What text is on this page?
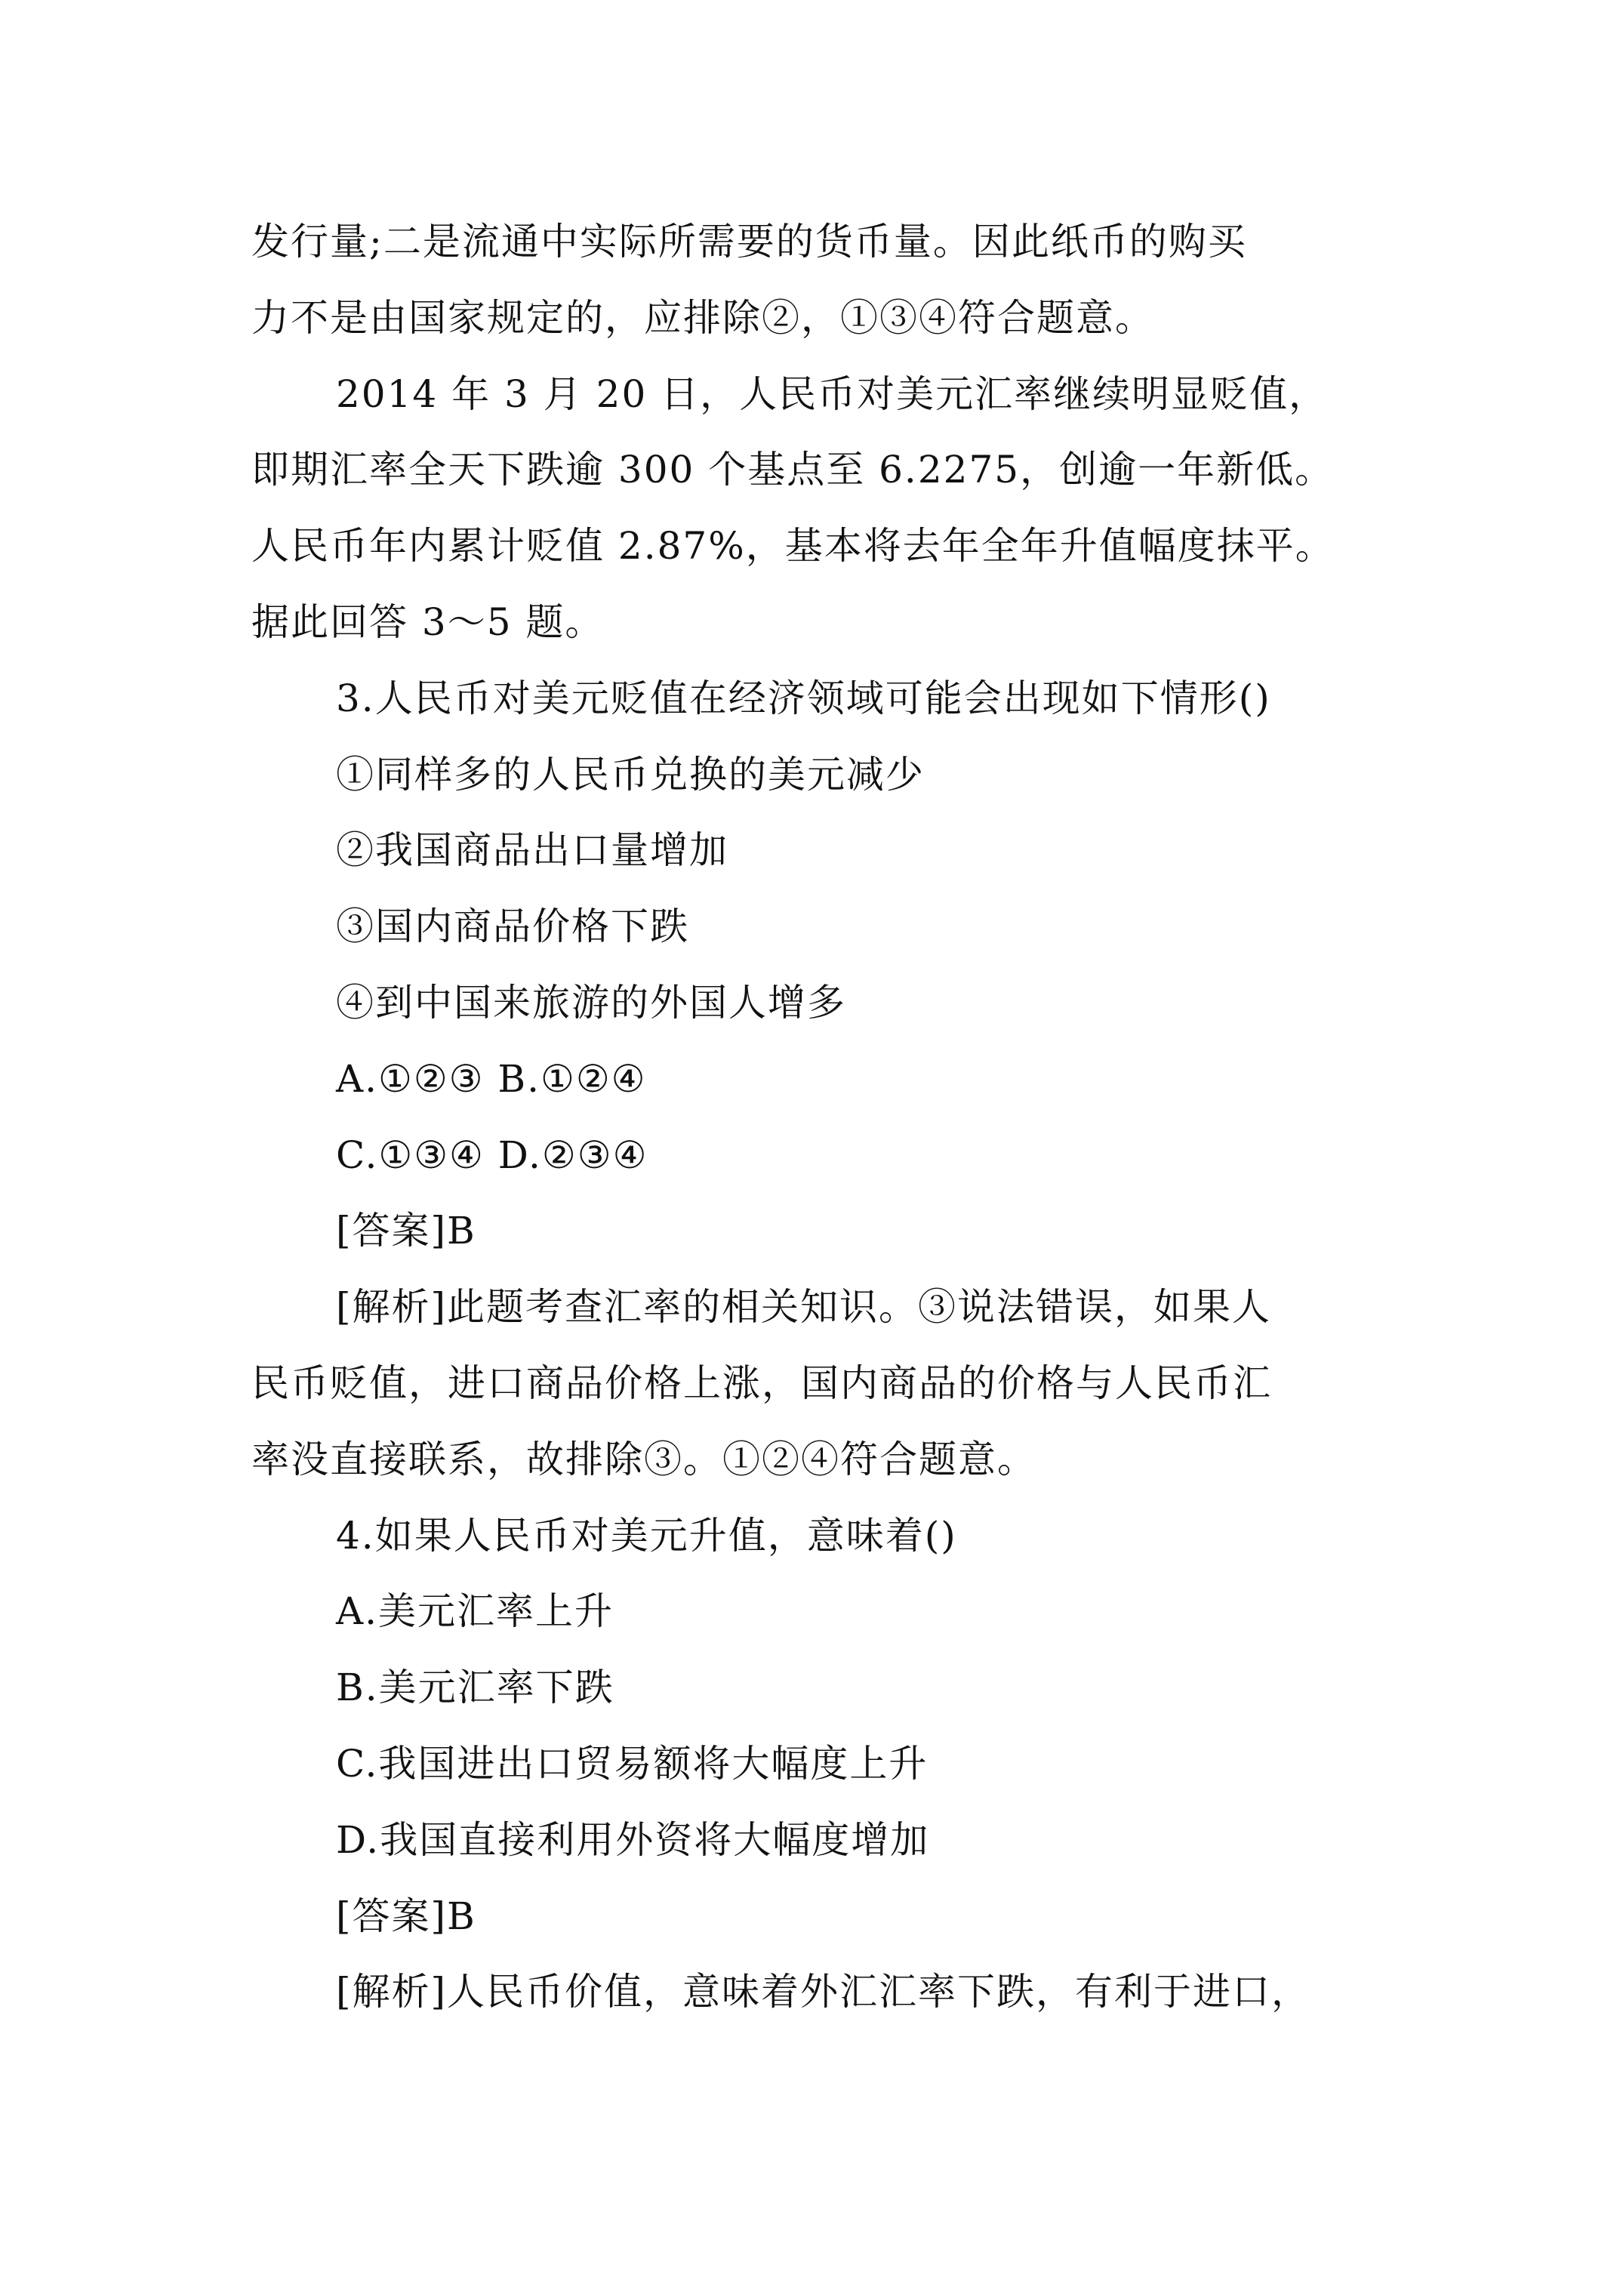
发行量;二是流通中实际所需要的货币量。因此纸币的购买
力不是由国家规定的，应排除②，①③④符合题意。
2014 年 3 月 20 日，人民币对美元汇率继续明显贬值，
即期汇率全天下跌逾 300 个基点至 6.2275，创逾一年新低。
人民币年内累计贬值 2.87%，基本将去年全年升值幅度抹平。
据此回答 3～5 题。
3.人民币对美元贬值在经济领域可能会出现如下情形()
①同样多的人民币兑换的美元减少
②我国商品出口量增加
③国内商品价格下跌
④到中国来旅游的外国人增多
A.①②③ B.①②④
C.①③④ D.②③④
[答案]B
[解析]此题考查汇率的相关知识。③说法错误，如果人
民币贬值，进口商品价格上涨，国内商品的价格与人民币汇
率没直接联系，故排除③。①②④符合题意。
4.如果人民币对美元升值，意味着()
A.美元汇率上升
B.美元汇率下跌
C.我国进出口贸易额将大幅度上升
D.我国直接利用外资将大幅度增加
[答案]B
[解析]人民币价值，意味着外汇汇率下跌，有利于进口，
